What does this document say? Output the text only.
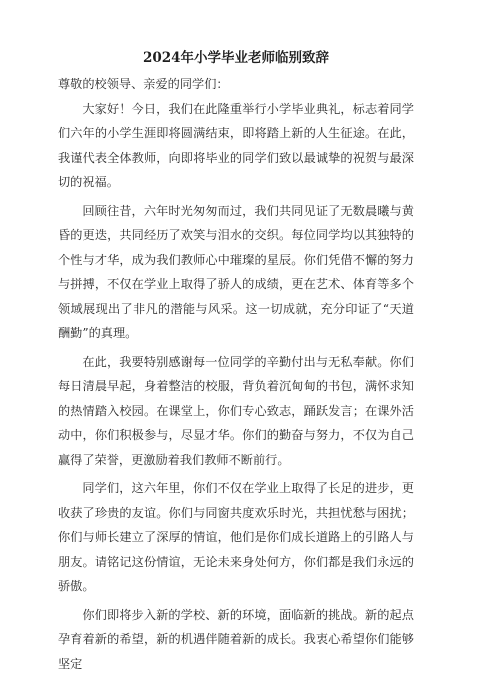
2024年小学毕业老师临别致辞

尊敬的校领导、亲爱的同学们：

大家好！今日，我们在此隆重举行小学毕业典礼，标志着同学们六年的小学生涯即将圆满结束，即将踏上新的人生征途。在此，我谨代表全体教师，向即将毕业的同学们致以最诚挚的祝贺与最深切的祝福。

回顾往昔，六年时光匆匆而过，我们共同见证了无数晨曦与黄昏的更迭，共同经历了欢笑与泪水的交织。每位同学均以其独特的个性与才华，成为我们教师心中璀璨的星辰。你们凭借不懈的努力与拼搏，不仅在学业上取得了骄人的成绩，更在艺术、体育等多个领域展现出了非凡的潜能与风采。这一切成就，充分印证了“天道酬勤”的真理。

在此，我要特别感谢每一位同学的辛勤付出与无私奉献。你们每日清晨早起，身着整洁的校服，背负着沉甸甸的书包，满怀求知的热情踏入校园。在课堂上，你们专心致志，踊跃发言；在课外活动中，你们积极参与，尽显才华。你们的勤奋与努力，不仅为自己赢得了荣誉，更激励着我们教师不断前行。

同学们，这六年里，你们不仅在学业上取得了长足的进步，更收获了珍贵的友谊。你们与同窗共度欢乐时光，共担忧愁与困扰；你们与师长建立了深厚的情谊，他们是你们成长道路上的引路人与朋友。请铭记这份情谊，无论未来身处何方，你们都是我们永远的骄傲。

你们即将步入新的学校、新的环境，面临新的挑战。新的起点孕育着新的希望，新的机遇伴随着新的成长。我衷心希望你们能够坚定
